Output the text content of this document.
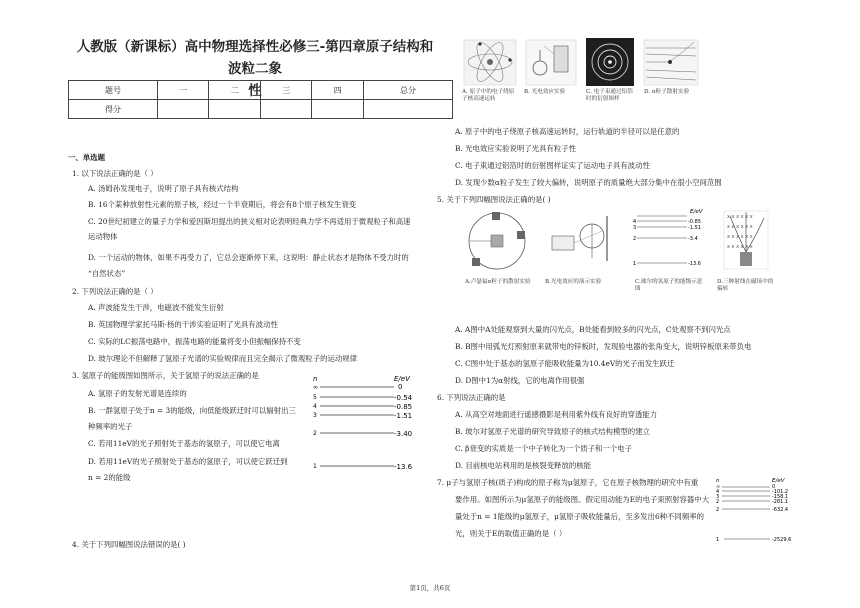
人教版（新课标）高中物理选择性必修三-第四章原子结构和波粒二象
性
题号	一	二	三	四	总分
得分					
一、单选题
1. 以下说法正确的是（ ）
A. 汤姆孙发现电子，说明了原子具有核式结构
B. 16个某种放射性元素的原子核，经过一个半衰期后，将会有8个原子核发生衰变
C. 20世纪初建立的量子力学和爱因斯坦提出的狭义相对论表明经典力学不再适用于微观粒子和高速
运动物体
D. 一个运动的物体，如果不再受力了，它总会逐渐停下来，这说明：静止状态才是物体不受力时的
“自然状态”
2. 下列说法正确的是（ ）
A. 声波能发生干涉，电磁波不能发生衍射
B. 英国物理学家托马斯·杨的干涉实验证明了光具有波动性
C. 实际的LC振荡电路中，振荡电路的能量将变小但振幅保持不变
D. 玻尔理论不但解释了氢原子光谱的实验规律而且完全揭示了微观粒子的运动规律
3. 氢原子的能级图如图所示，关于氢原子的说法正确的是
A. 氢原子的发射光谱是连续的
B. 一群氢原子处于n = 3的能级，向低能级跃迁时可以辐射出三
种频率的光子
C. 若用11eV的光子照射处于基态的氢原子，可以使它电离
D. 若用11eV的光子照射处于基态的氢原子，可以使它跃迁到
n = 2的能级
n	E/eV
∞	0
5	-0.54
4	-0.85
3	-1.51
2	-3.40
1	-13.6
4. 关于下列四幅图说法错误的是( )
A. 原子中的电子绕原子核高速运转
B. 光电效应实验	C. 电子束通过铝箔时的衍射图样
D. α粒子散射实验
A. 原子中的电子绕原子核高速运转时，运行轨道的半径可以是任意的
B. 光电效应实验说明了光具有粒子性
C. 电子束通过铝箔时的衍射图样证实了运动电子具有波动性
D. 发现少数α粒子发生了较大偏转，说明原子的质量绝大部分集中在很小空间范围
5. 关于下列四幅图说法正确的是( )
E/eV
4	-0.85
3	-1.51
2	-3.4
1	-13.6
x x x x x x
x x x x x x
x x x x x x
x x x x x x
A.卢瑟福α粒子的散射实验	B.光电效应的演示实验	C.玻尔的氢原子的能级示意图
D.三种射线在磁场中的偏转
A. A图中A处能观察到大量的闪光点，B处能看到较多的闪光点，C处观察不到闪光点
B. B图中用弧光灯照射原来就带电的锌板时，发现验电器的张角变大，说明锌板原来带负电
C. C图中处于基态的氢原子能吸收能量为10.4eV的光子而发生跃迁
D. D图中1为α射线，它的电离作用很强
6. 下列说法正确的是
A. 从高空对地面进行遥感摄影是利用紫外线有良好的穿透能力
B. 玻尔对氢原子光谱的研究导致原子的核式结构模型的建立
C. β衰变的实质是一个中子转化为一个质子和一个电子
D. 目前核电站利用的是核裂变释放的核能
7. μ子与氢原子核(质子)构成的原子称为μ氢原子，它在原子核物理的研究中有重
要作用。如图所示为μ氢原子的能级图。假定用动能为E的电子束照射容器中大
量处于n = 1能级的μ氢原子，μ氢原子吸收能量后，至多发出6种不同频率的
光，则关于E的取值正确的是（ ）
n	E/eV
∞	0
4	-101.2
3	-158.1
2	-281.1
2	-632.4
1	-2529.6
第1页，共6页
